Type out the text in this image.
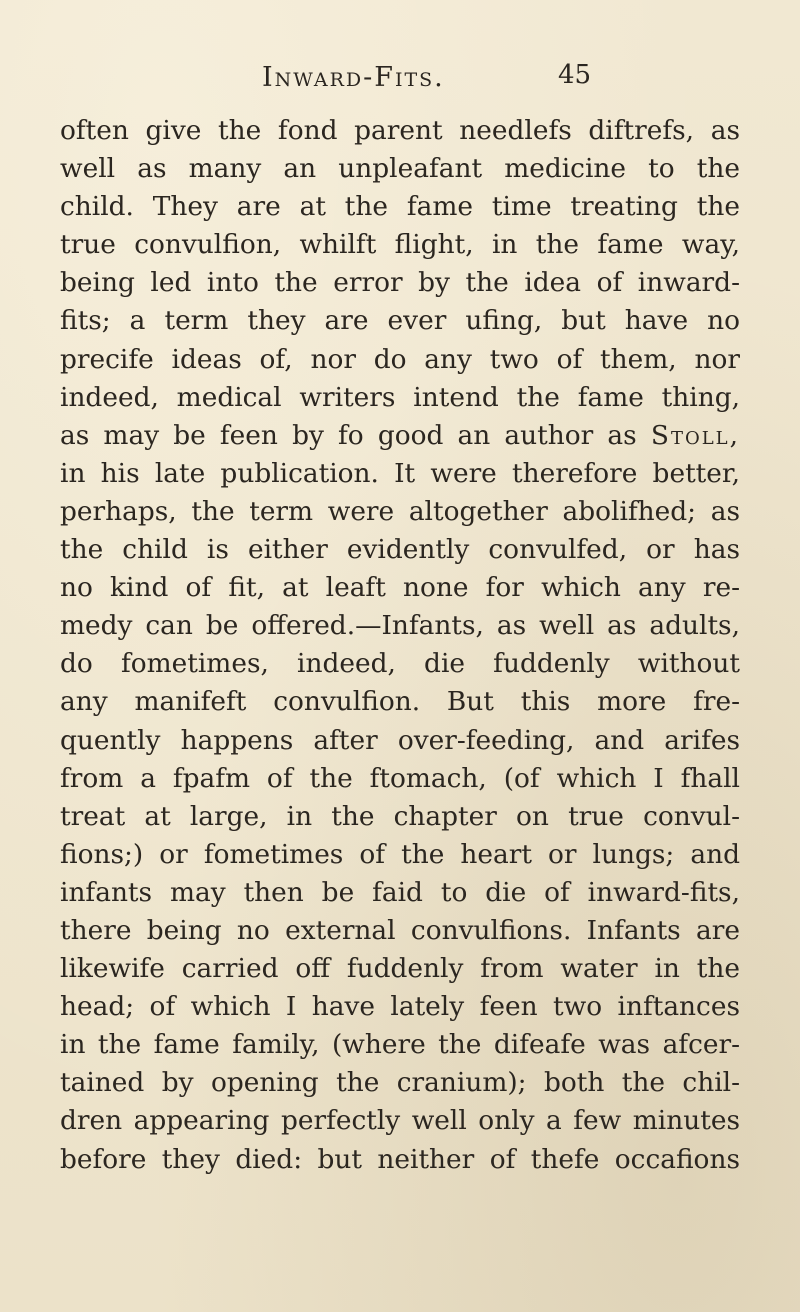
Inward-Fits.	45
often give the fond parent needlefs diftrefs, as
well as many an unpleafant medicine to the
child. They are at the fame time treating the
true convulfion, whilft flight, in the fame way,
being led into the error by the idea of inward-
fits; a term they are ever ufing, but have no
precife ideas of, nor do any two of them, nor
indeed, medical writers intend the fame thing,
as may be feen by fo good an author as Stoll,
in his late publication. It were therefore better,
perhaps, the term were altogether abolifhed; as
the child is either evidently convulfed, or has
no kind of fit, at leaft none for which any re-
medy can be offered.—Infants, as well as adults,
do fometimes, indeed, die fuddenly without
any manifeft convulfion. But this more fre-
quently happens after over-feeding, and arifes
from a fpafm of the ftomach, (of which I fhall
treat at large, in the chapter on true convul-
fions;) or fometimes of the heart or lungs; and
infants may then be faid to die of inward-fits,
there being no external convulfions. Infants are
likewife carried off fuddenly from water in the
head; of which I have lately feen two inftances
in the fame family, (where the difeafe was afcer-
tained by opening the cranium); both the chil-
dren appearing perfectly well only a few minutes
before they died: but neither of thefe occafions
